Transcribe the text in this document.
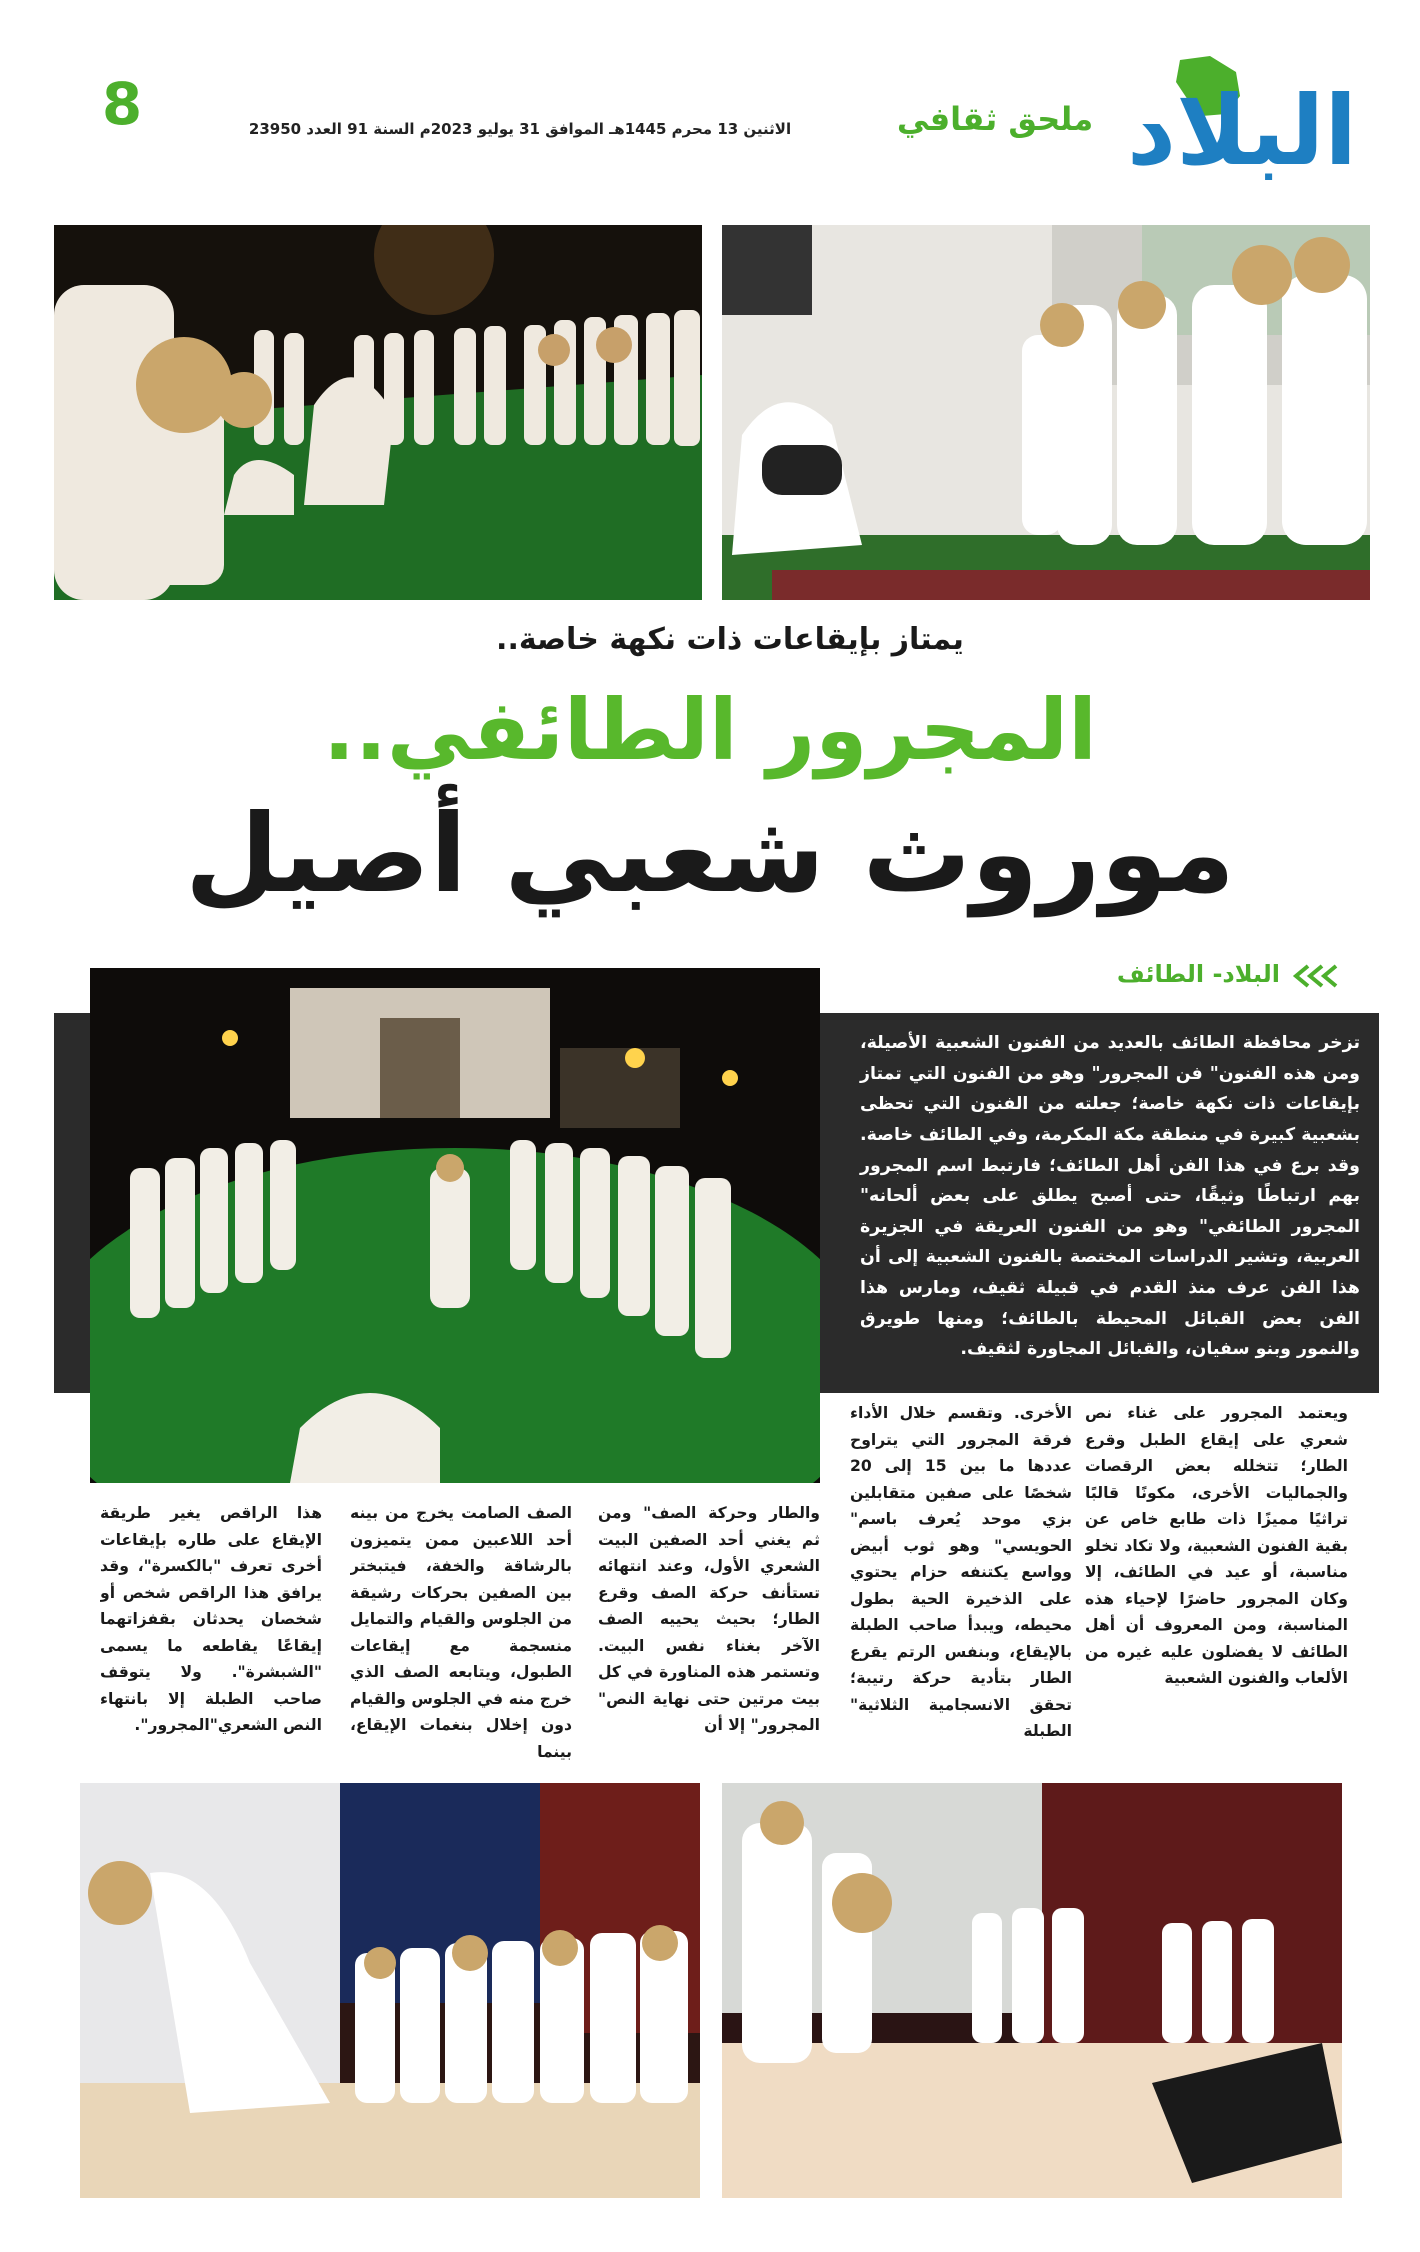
8	الاثنين 13 محرم 1445هـ الموافق 31 يوليو 2023م السنة 91 العدد 23950	ملحق ثقافي البلاد
يمتاز بإيقاعات ذات نكهة خاصة..
المجرور الطائفي..
موروث شعبي أصيل
البلاد- الطائف
تزخر محافظة الطائف بالعديد من الفنون الشعبية الأصيلة، ومن هذه الفنون" فن المجرور" وهو من الفنون التي تمتاز بإيقاعات ذات نكهة خاصة؛ جعلته من الفنون التي تحظى بشعبية كبيرة في منطقة مكة المكرمة، وفي الطائف خاصة. وقد برع في هذا الفن أهل الطائف؛ فارتبط اسم المجرور بهم ارتباطًا وثيقًا، حتى أصبح يطلق على بعض ألحانه" المجرور الطائفي" وهو من الفنون العريقة في الجزيرة العربية، وتشير الدراسات المختصة بالفنون الشعبية إلى أن هذا الفن عرف منذ القدم في قبيلة ثقيف، ومارس هذا الفن بعض القبائل المحيطة بالطائف؛ ومنها طويرق والنمور وبنو سفيان، والقبائل المجاورة لثقيف.
ويعتمد المجرور على غناء نص شعري على إيقاع الطبل وقرع الطار؛ تتخلله بعض الرقصات والجماليات الأخرى، مكونًا قالبًا تراثيًا مميزًا ذات طابع خاص عن بقية الفنون الشعبية، ولا تكاد تخلو مناسبة، أو عيد في الطائف، إلا وكان المجرور حاضرًا لإحياء هذه المناسبة، ومن المعروف أن أهل الطائف لا يفضلون عليه غيره من الألعاب والفنون الشعبية
الأخرى. وتقسم خلال الأداء فرقة المجرور التي يتراوح عددها ما بين 15 إلى 20 شخصًا على صفين متقابلين بزي موحد يُعرف باسم" الحويسي" وهو ثوب أبيض وواسع يكتنفه حزام يحتوي على الذخيرة الحية بطول محيطه، ويبدأ صاحب الطبلة بالإيقاع، وبنفس الرتم يقرع الطار بتأدية حركة رتيبة؛ تحقق الانسجامية الثلاثية" الطبلة
والطار وحركة الصف" ومن ثم يغني أحد الصفين البيت الشعري الأول، وعند انتهائه تستأنف حركة الصف وقرع الطار؛ بحيث يحييه الصف الآخر بغناء نفس البيت. وتستمر هذه المناورة في كل بيت مرتين حتى نهاية النص" المجرور" إلا أن
الصف الصامت يخرج من بينه أحد اللاعبين ممن يتميزون بالرشاقة والخفة، فيتبختر بين الصفين بحركات رشيقة من الجلوس والقيام والتمايل منسجمة مع إيقاعات الطبول، ويتابعه الصف الذي خرج منه في الجلوس والقيام دون إخلال بنغمات الإيقاع، بينما
هذا الراقص يغير طريقة الإيقاع على طاره بإيقاعات أخرى تعرف "بالكسرة"، وقد يرافق هذا الراقص شخص أو شخصان يحدثان بقفزاتهما إيقاعًا يقاطعه ما يسمى "الشبشرة". ولا يتوقف صاحب الطبلة إلا بانتهاء النص الشعري"المجرور".
